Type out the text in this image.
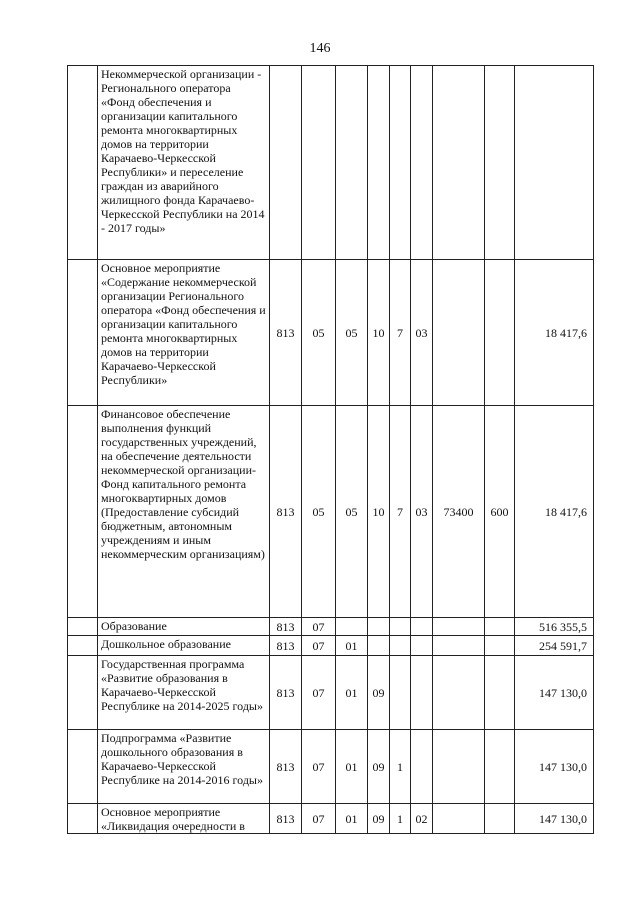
146
	Некоммерческой организации - Регионального оператора «Фонд обеспечения и организации капитального ремонта многоквартирных домов на территории Карачаево-Черкесской Республики» и переселение граждан из аварийного жилищного фонда Карачаево-Черкесской Республики на 2014 - 2017 годы»									
	Основное мероприятие «Содержание некоммерческой организации Регионального оператора «Фонд обеспечения и организации капитального ремонта многоквартирных домов на территории Карачаево-Черкесской Республики»	813	05	05	10	7	03			18 417,6
	Финансовое обеспечение выполнения функций государственных учреждений, на обеспечение деятельности некоммерческой организации-Фонд капитального ремонта многоквартирных домов (Предоставление субсидий бюджетным, автономным учреждениям и иным некоммерческим организациям)	813	05	05	10	7	03	73400	600	18 417,6
	Образование	813	07							516 355,5
	Дошкольное образование	813	07	01						254 591,7
	Государственная программа «Развитие образования в Карачаево-Черкесской Республике на 2014-2025 годы»	813	07	01	09					147 130,0
	Подпрограмма «Развитие дошкольного образования в Карачаево-Черкесской Республике на 2014-2016 годы»	813	07	01	09	1				147 130,0
	Основное мероприятие «Ликвидация очередности в	813	07	01	09	1	02			147 130,0
